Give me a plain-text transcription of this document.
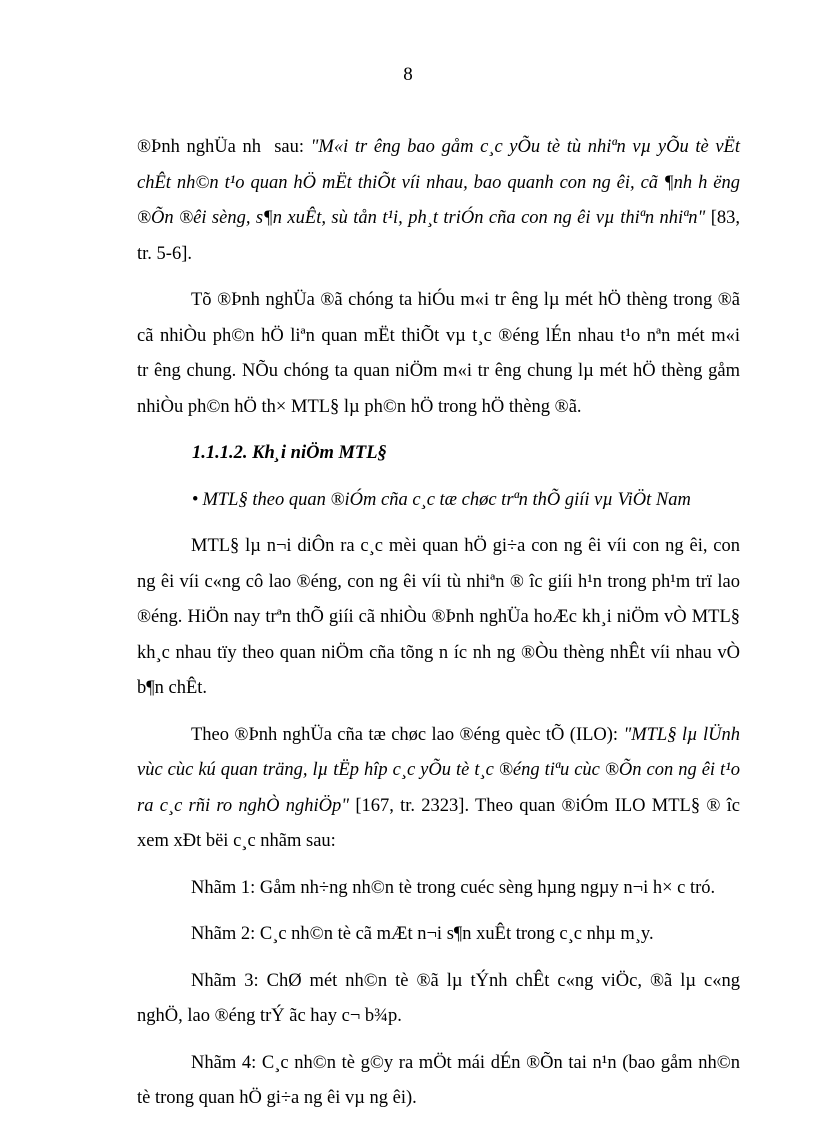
8

®Þnh nghÜa nh  sau: "M«i tr êng bao gåm c¸c yÕu tè tù nhiªn vµ yÕu tè vËt chÊt nh©n t¹o quan hÖ mËt thiÕt víi nhau, bao quanh con ng êi, cã ¶nh h ëng ®Õn ®êi sèng, s¶n xuÊt, sù tån t¹i, ph¸t triÓn cña con ng êi vµ thiªn nhiªn" [83, tr. 5-6].

Tõ ®Þnh nghÜa ®ã chóng ta hiÓu m«i tr êng lµ mét hÖ thèng trong ®ã cã nhiÒu ph©n hÖ liªn quan mËt thiÕt vµ t¸c ®éng lÉn nhau t¹o nªn mét m«i tr êng chung. NÕu chóng ta quan niÖm m«i tr êng chung lµ mét hÖ thèng gåm nhiÒu ph©n hÖ th× MTL§ lµ ph©n hÖ trong hÖ thèng ®ã.

1.1.1.2. Kh¸i niÖm MTL§

• MTL§ theo quan ®iÓm cña c¸c tæ chøc trªn thÕ giíi vµ ViÖt Nam

MTL§ lµ n¬i diÔn ra c¸c mèi quan hÖ gi÷a con ng êi víi con ng êi, con ng êi víi c«ng cô lao ®éng, con ng êi víi tù nhiªn ® îc giíi h¹n trong ph¹m trï lao ®éng. HiÖn nay trªn thÕ giíi cã nhiÒu ®Þnh nghÜa hoÆc kh¸i niÖm vÒ MTL§ kh¸c nhau tïy theo quan niÖm cña tõng n íc nh ng ®Òu thèng nhÊt víi nhau vÒ b¶n chÊt.

Theo ®Þnh nghÜa cña tæ chøc lao ®éng quèc tÕ (ILO): "MTL§ lµ lÜnh vùc cùc kú quan träng, lµ tËp hîp c¸c yÕu tè t¸c ®éng tiªu cùc ®Õn con ng êi t¹o ra c¸c rñi ro nghÒ nghiÖp" [167, tr. 2323]. Theo quan ®iÓm ILO MTL§ ® îc xem xÐt bëi c¸c nhãm sau:

Nhãm 1: Gåm nh÷ng nh©n tè trong cuéc sèng hµng ngµy n¬i h× c tró.

Nhãm 2: C¸c nh©n tè cã mÆt n¬i s¶n xuÊt trong c¸c nhµ m¸y.

Nhãm 3: ChØ mét nh©n tè ®ã lµ tÝnh chÊt c«ng viÖc, ®ã lµ c«ng nghÖ, lao ®éng trÝ ãc hay c¬ b¾p.

Nhãm 4: C¸c nh©n tè g©y ra mÖt mái dÉn ®Õn tai n¹n (bao gåm nh©n tè trong quan hÖ gi÷a ng êi vµ ng êi).
